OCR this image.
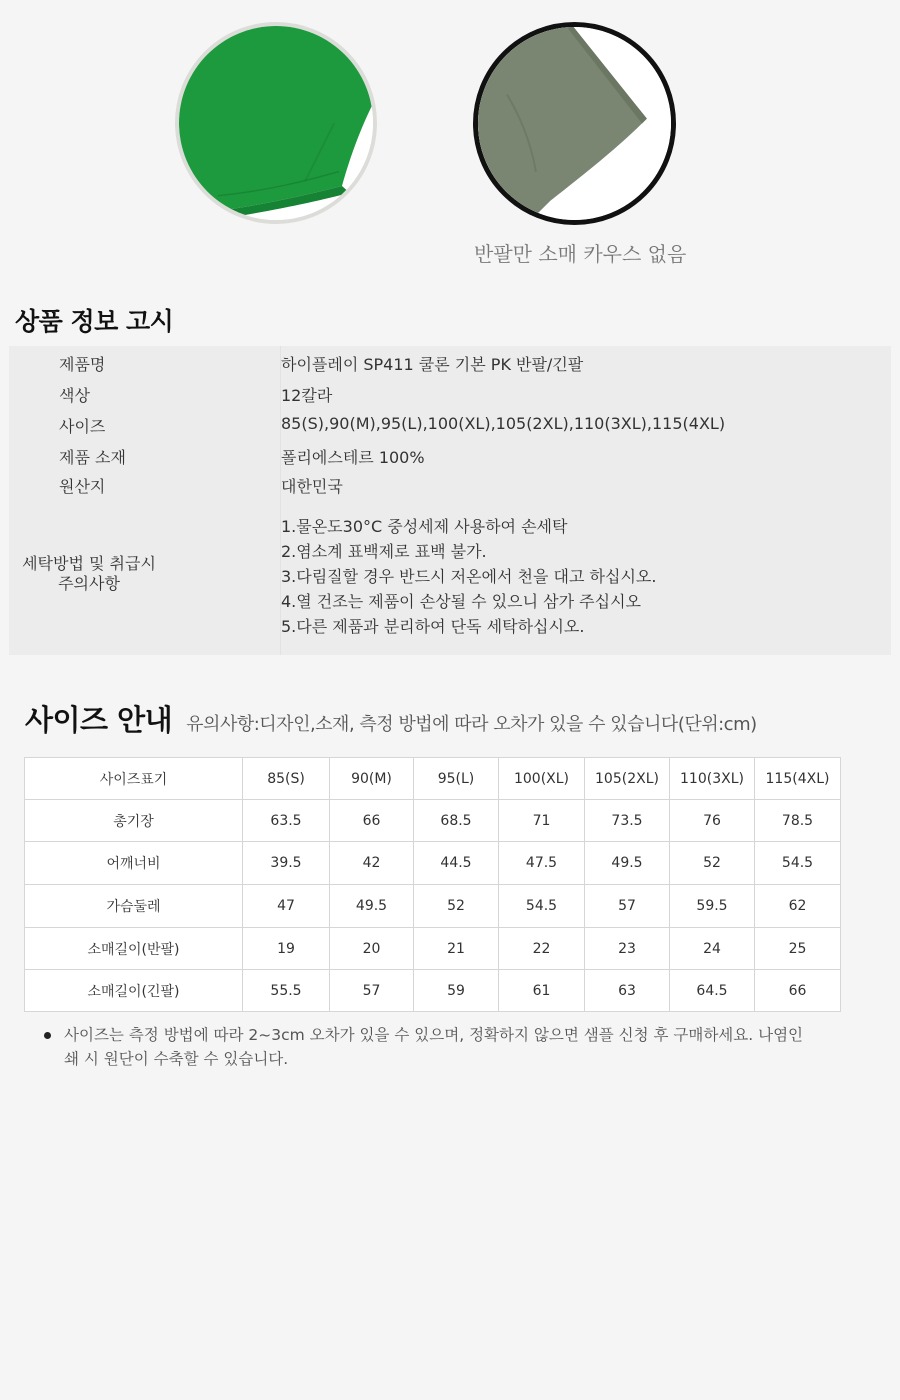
반팔만 소매 카우스 없음
상품 정보 고시
제품명	하이플레이 SP411 쿨론 기본 PK 반팔/긴팔
색상	12칼라
사이즈	85(S),90(M),95(L),100(XL),105(2XL),110(3XL),115(4XL)
제품 소재	폴리에스테르 100%
원산지	대한민국
세탁방법 및 취급시
주의사항
1.물온도30°C 중성세제 사용하여 손세탁
2.염소계 표백제로 표백 불가.
3.다림질할 경우 반드시 저온에서 천을 대고 하십시오.
4.열 건조는 제품이 손상될 수 있으니 삼가 주십시오
5.다른 제품과 분리하여 단독 세탁하십시오.
사이즈 안내 유의사항:디자인,소재, 측정 방법에 따라 오차가 있을 수 있습니다(단위:cm)
사이즈표기	85(S)	90(M)	95(L)	100(XL)	105(2XL)	110(3XL)	115(4XL)
총기장	63.5	66	68.5	71	73.5	76	78.5
어깨너비	39.5	42	44.5	47.5	49.5	52	54.5
가슴둘레	47	49.5	52	54.5	57	59.5	62
소매길이(반팔)	19	20	21	22	23	24	25
소매길이(긴팔)	55.5	57	59	61	63	64.5	66
사이즈는 측정 방법에 따라 2~3cm 오차가 있을 수 있으며, 정확하지 않으면 샘플 신청 후 구매하세요. 나염인쇄 시 원단이 수축할 수 있습니다.
